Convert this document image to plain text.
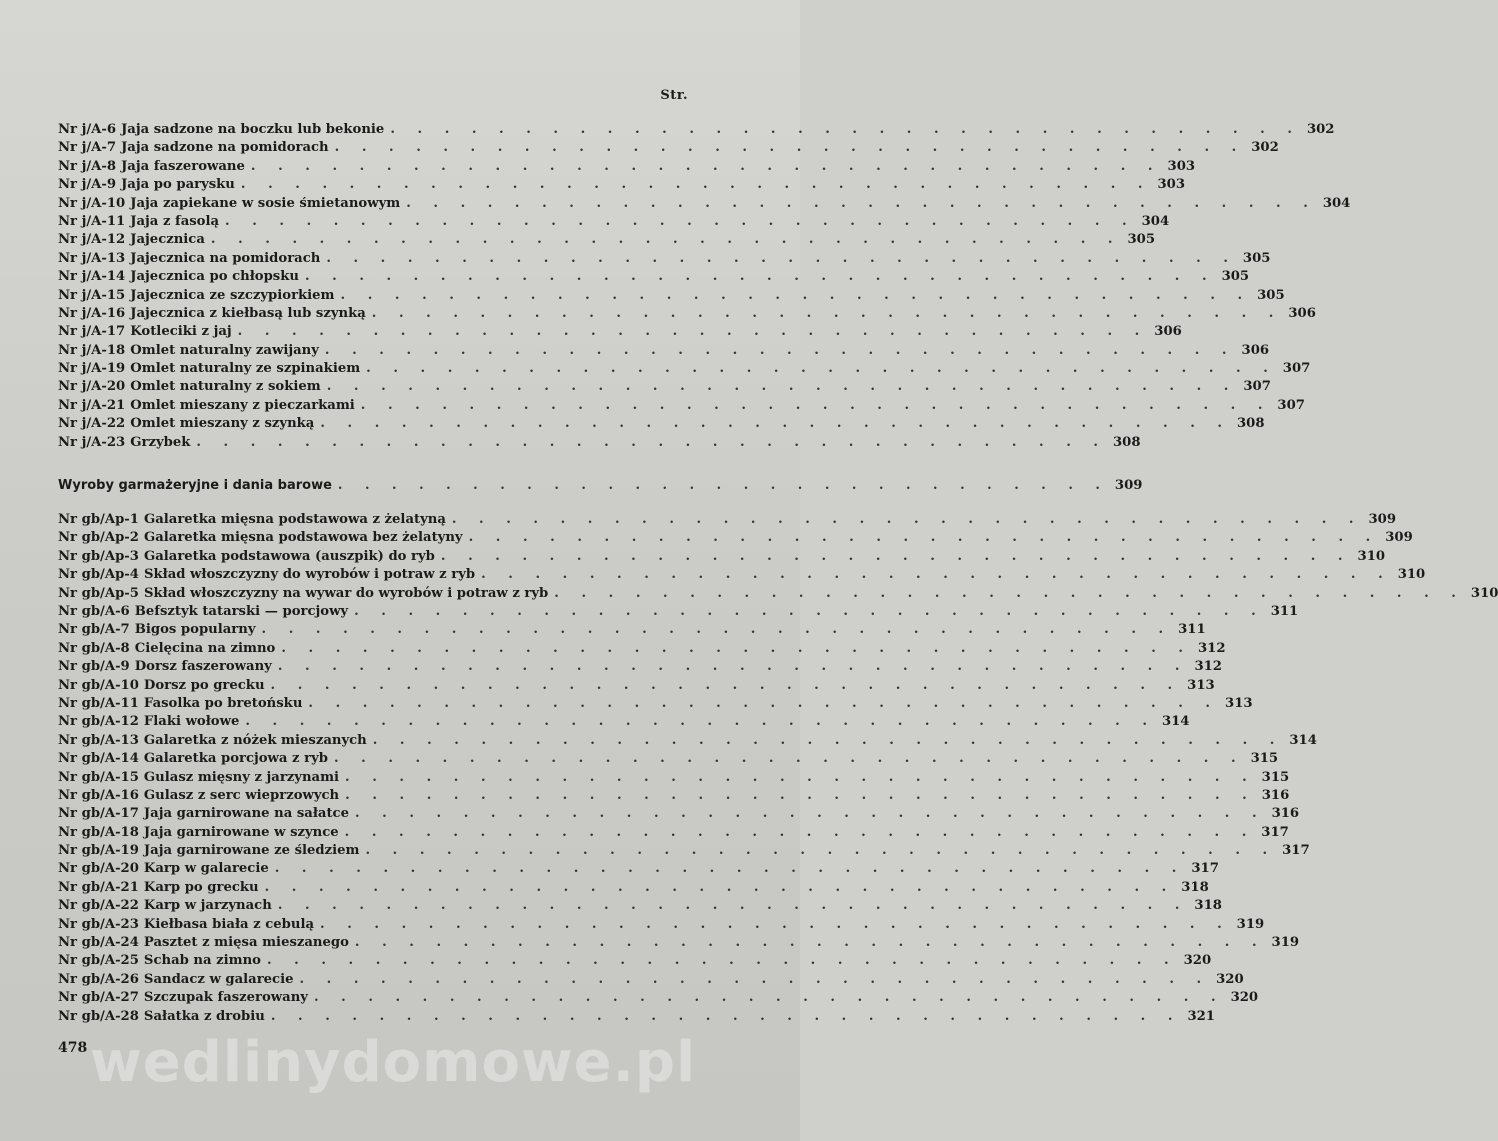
Str.
Nr j/A-6 Jaja sadzone na boczku lub bekonie . . . . . . . . . . . . . . . . . . . . . . . . . . . . . . . . . . 302
Nr j/A-7 Jaja sadzone na pomidorach . . . . . . . . . . . . . . . . . . . . . . . . . . . . . . . . . . 302
Nr j/A-8 Jaja faszerowane . . . . . . . . . . . . . . . . . . . . . . . . . . . . . . . . . . 303
Nr j/A-9 Jaja po parysku . . . . . . . . . . . . . . . . . . . . . . . . . . . . . . . . . . 303
Nr j/A-10 Jaja zapiekane w sosie śmietanowym . . . . . . . . . . . . . . . . . . . . . . . . . . . . . . . . . . 304
Nr j/A-11 Jaja z fasolą . . . . . . . . . . . . . . . . . . . . . . . . . . . . . . . . . . 304
Nr j/A-12 Jajecznica . . . . . . . . . . . . . . . . . . . . . . . . . . . . . . . . . . 305
Nr j/A-13 Jajecznica na pomidorach . . . . . . . . . . . . . . . . . . . . . . . . . . . . . . . . . . 305
Nr j/A-14 Jajecznica po chłopsku . . . . . . . . . . . . . . . . . . . . . . . . . . . . . . . . . . 305
Nr j/A-15 Jajecznica ze szczypiorkiem . . . . . . . . . . . . . . . . . . . . . . . . . . . . . . . . . . 305
Nr j/A-16 Jajecznica z kiełbasą lub szynką . . . . . . . . . . . . . . . . . . . . . . . . . . . . . . . . . . 306
Nr j/A-17 Kotleciki z jaj . . . . . . . . . . . . . . . . . . . . . . . . . . . . . . . . . . 306
Nr j/A-18 Omlet naturalny zawijany . . . . . . . . . . . . . . . . . . . . . . . . . . . . . . . . . . 306
Nr j/A-19 Omlet naturalny ze szpinakiem . . . . . . . . . . . . . . . . . . . . . . . . . . . . . . . . . . 307
Nr j/A-20 Omlet naturalny z sokiem . . . . . . . . . . . . . . . . . . . . . . . . . . . . . . . . . . 307
Nr j/A-21 Omlet mieszany z pieczarkami . . . . . . . . . . . . . . . . . . . . . . . . . . . . . . . . . . 307
Nr j/A-22 Omlet mieszany z szynką . . . . . . . . . . . . . . . . . . . . . . . . . . . . . . . . . . 308
Nr j/A-23 Grzybek . . . . . . . . . . . . . . . . . . . . . . . . . . . . . . . . . . 308
Wyroby garmażeryjne i dania barowe . . . . . . . . . . . . . . . . . . . . . . . . . . . . . 309
Nr gb/Ap-1 Galaretka mięsna podstawowa z żelatyną . . . . . . . . . . . . . . . . . . . . . . . . . . . . . . . . . . 309
Nr gb/Ap-2 Galaretka mięsna podstawowa bez żelatyny . . . . . . . . . . . . . . . . . . . . . . . . . . . . . . . . . . 309
Nr gb/Ap-3 Galaretka podstawowa (auszpik) do ryb . . . . . . . . . . . . . . . . . . . . . . . . . . . . . . . . . . 310
Nr gb/Ap-4 Skład włoszczyzny do wyrobów i potraw z ryb . . . . . . . . . . . . . . . . . . . . . . . . . . . . . . . . . . 310
Nr gb/Ap-5 Skład włoszczyzny na wywar do wyrobów i potraw z ryb . . . . . . . . . . . . . . . . . . . . . . . . . . . . . . . . . . 310
Nr gb/A-6 Befsztyk tatarski — porcjowy . . . . . . . . . . . . . . . . . . . . . . . . . . . . . . . . . . 311
Nr gb/A-7 Bigos popularny . . . . . . . . . . . . . . . . . . . . . . . . . . . . . . . . . . 311
Nr gb/A-8 Cielęcina na zimno . . . . . . . . . . . . . . . . . . . . . . . . . . . . . . . . . . 312
Nr gb/A-9 Dorsz faszerowany . . . . . . . . . . . . . . . . . . . . . . . . . . . . . . . . . . 312
Nr gb/A-10 Dorsz po grecku . . . . . . . . . . . . . . . . . . . . . . . . . . . . . . . . . . 313
Nr gb/A-11 Fasolka po bretońsku . . . . . . . . . . . . . . . . . . . . . . . . . . . . . . . . . . 313
Nr gb/A-12 Flaki wołowe . . . . . . . . . . . . . . . . . . . . . . . . . . . . . . . . . . 314
Nr gb/A-13 Galaretka z nóżek mieszanych . . . . . . . . . . . . . . . . . . . . . . . . . . . . . . . . . . 314
Nr gb/A-14 Galaretka porcjowa z ryb . . . . . . . . . . . . . . . . . . . . . . . . . . . . . . . . . . 315
Nr gb/A-15 Gulasz mięsny z jarzynami . . . . . . . . . . . . . . . . . . . . . . . . . . . . . . . . . . 315
Nr gb/A-16 Gulasz z serc wieprzowych . . . . . . . . . . . . . . . . . . . . . . . . . . . . . . . . . . 316
Nr gb/A-17 Jaja garnirowane na sałatce . . . . . . . . . . . . . . . . . . . . . . . . . . . . . . . . . . 316
Nr gb/A-18 Jaja garnirowane w szynce . . . . . . . . . . . . . . . . . . . . . . . . . . . . . . . . . . 317
Nr gb/A-19 Jaja garnirowane ze śledziem . . . . . . . . . . . . . . . . . . . . . . . . . . . . . . . . . . 317
Nr gb/A-20 Karp w galarecie . . . . . . . . . . . . . . . . . . . . . . . . . . . . . . . . . . 317
Nr gb/A-21 Karp po grecku . . . . . . . . . . . . . . . . . . . . . . . . . . . . . . . . . . 318
Nr gb/A-22 Karp w jarzynach . . . . . . . . . . . . . . . . . . . . . . . . . . . . . . . . . . 318
Nr gb/A-23 Kiełbasa biała z cebulą . . . . . . . . . . . . . . . . . . . . . . . . . . . . . . . . . . 319
Nr gb/A-24 Pasztet z mięsa mieszanego . . . . . . . . . . . . . . . . . . . . . . . . . . . . . . . . . . 319
Nr gb/A-25 Schab na zimno . . . . . . . . . . . . . . . . . . . . . . . . . . . . . . . . . . 320
Nr gb/A-26 Sandacz w galarecie . . . . . . . . . . . . . . . . . . . . . . . . . . . . . . . . . . 320
Nr gb/A-27 Szczupak faszerowany . . . . . . . . . . . . . . . . . . . . . . . . . . . . . . . . . . 320
Nr gb/A-28 Sałatka z drobiu . . . . . . . . . . . . . . . . . . . . . . . . . . . . . . . . . . 321
478 wedlinydomowe.pl
